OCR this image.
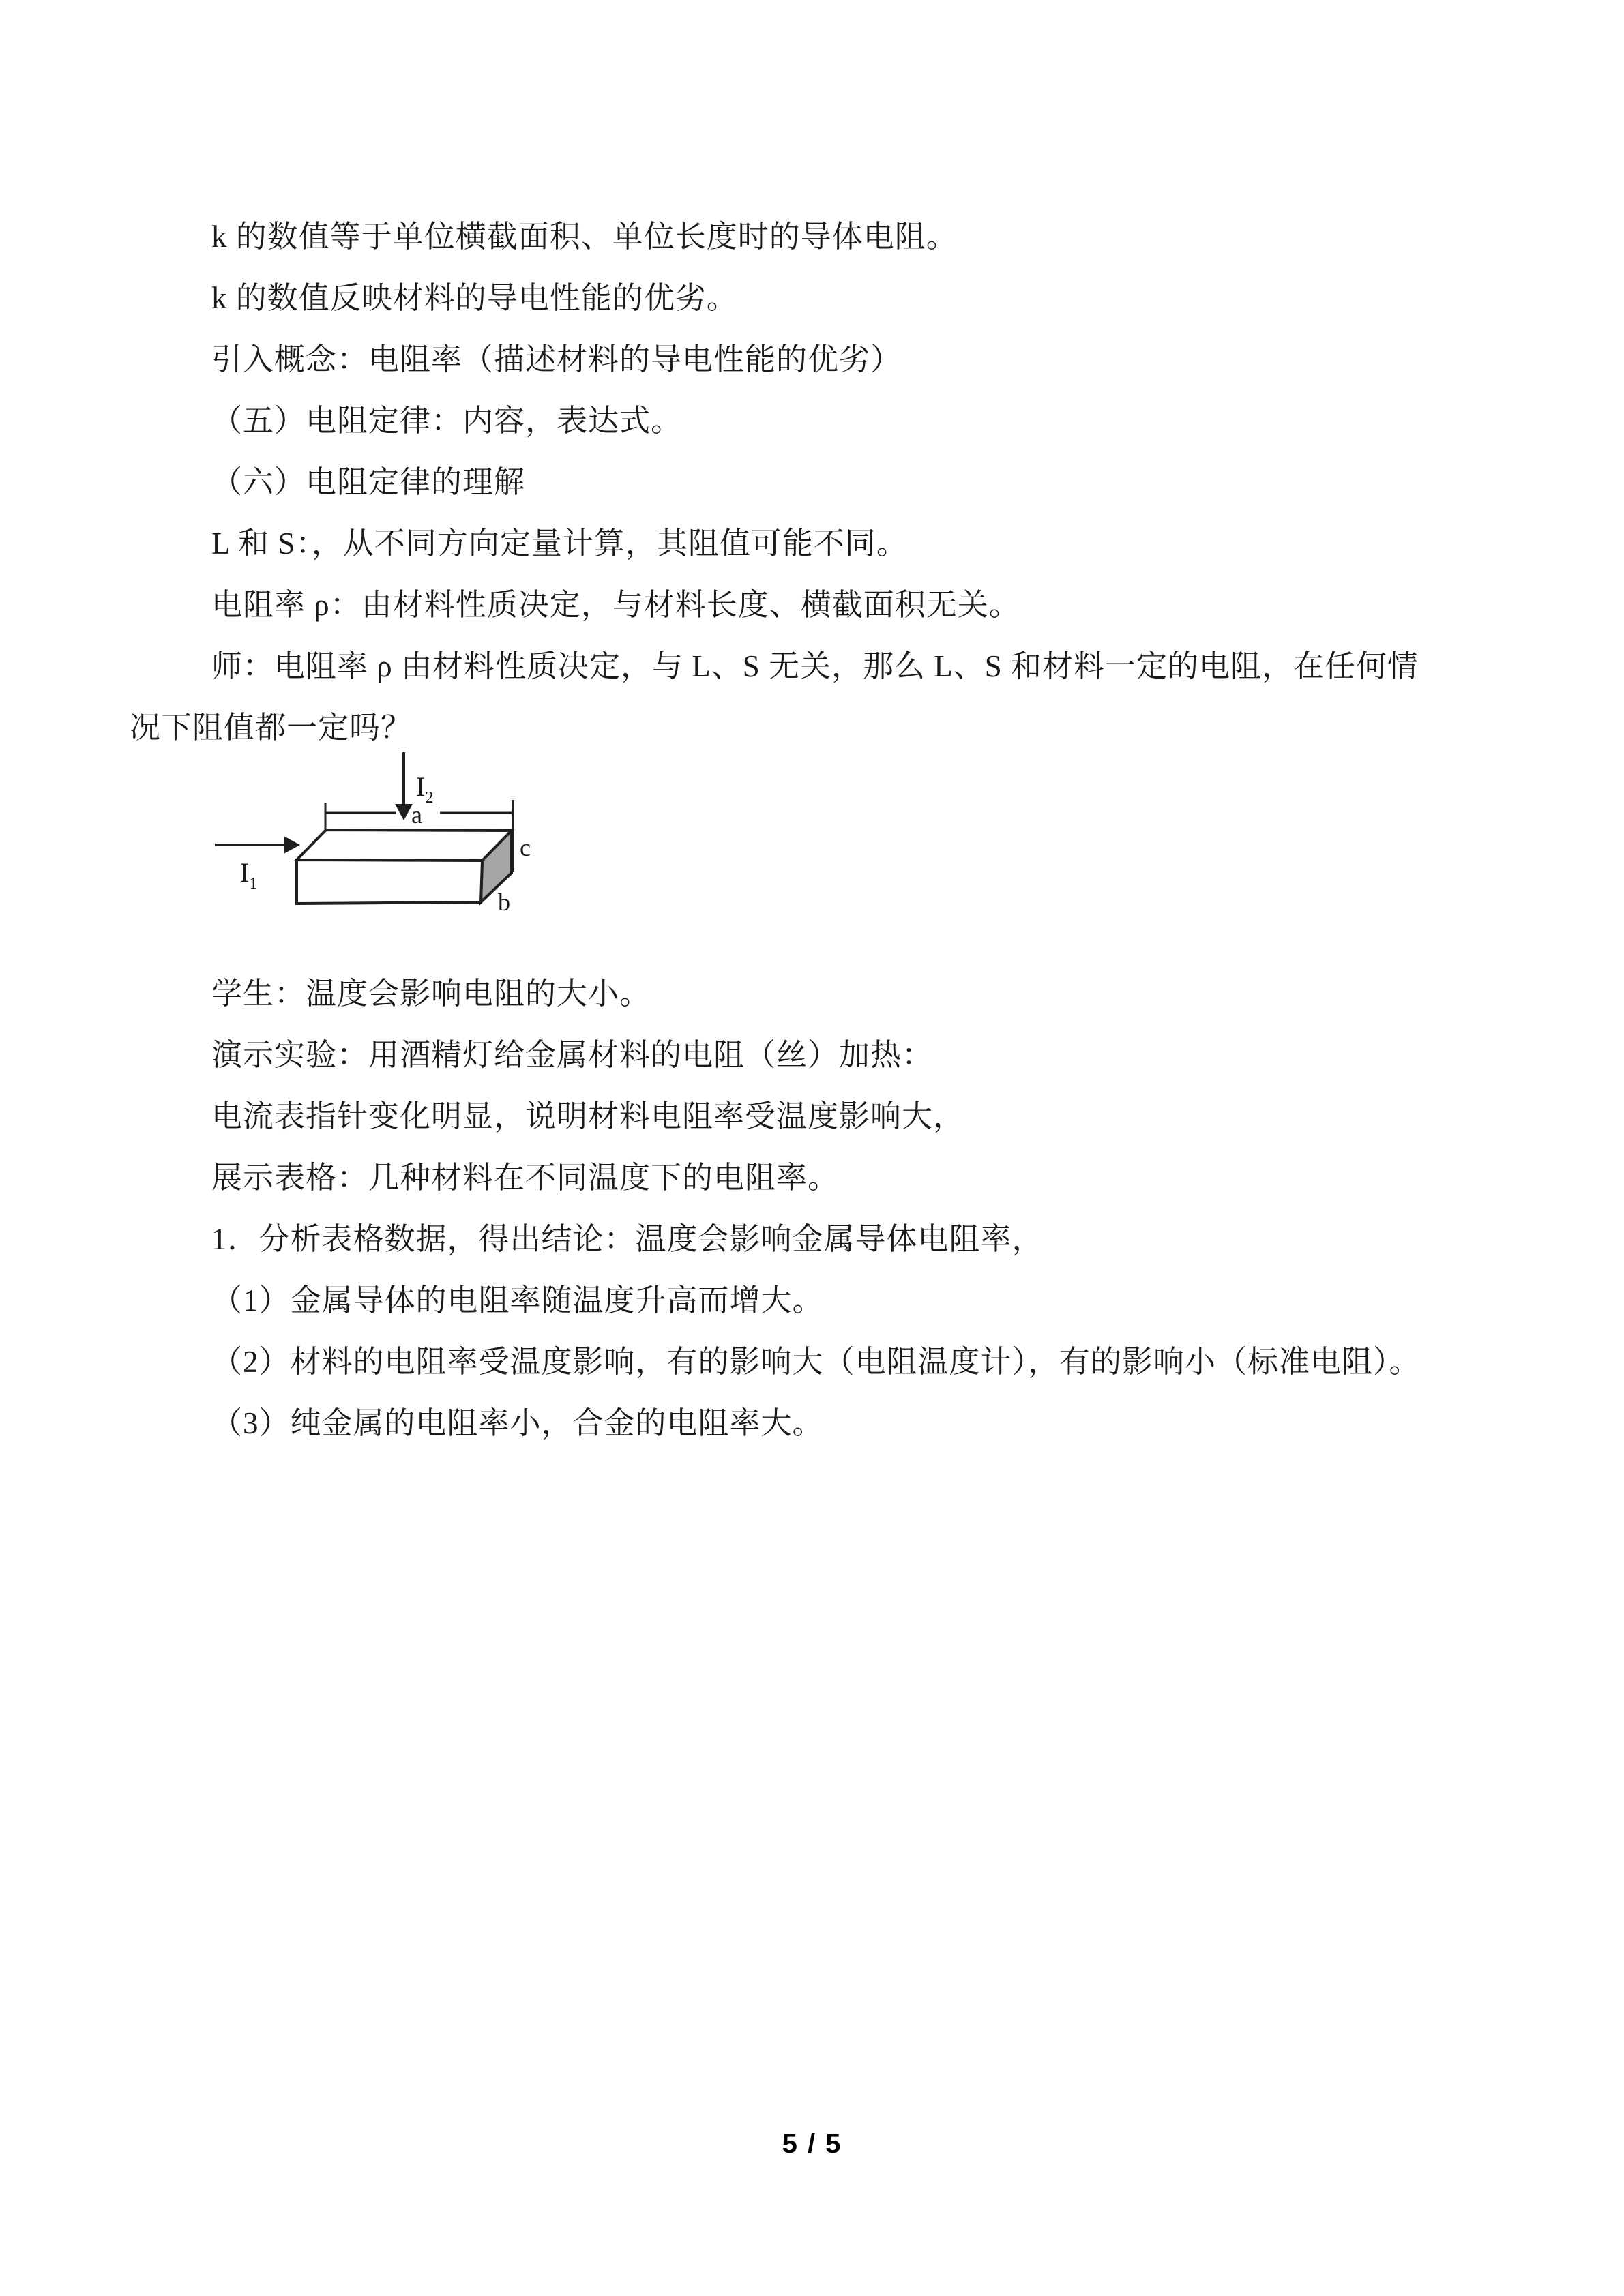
k 的数值等于单位横截面积、单位长度时的导体电阻。
k 的数值反映材料的导电性能的优劣。
引入概念：电阻率（描述材料的导电性能的优劣）
（五）电阻定律：内容，表达式。
（六）电阻定律的理解
L 和 S：，从不同方向定量计算，其阻值可能不同。
电阻率 ρ：由材料性质决定，与材料长度、横截面积无关。
师：电阻率 ρ 由材料性质决定，与 L、S 无关，那么 L、S 和材料一定的电阻，在任何情
况下阻值都一定吗？
学生：温度会影响电阻的大小。
演示实验：用酒精灯给金属材料的电阻（丝）加热：
电流表指针变化明显，说明材料电阻率受温度影响大，
展示表格：几种材料在不同温度下的电阻率。
1．分析表格数据，得出结论：温度会影响金属导体电阻率，
（1）金属导体的电阻率随温度升高而增大。
（2）材料的电阻率受温度影响，有的影响大（电阻温度计），有的影响小（标准电阻）。
（3）纯金属的电阻率小，合金的电阻率大。
$I_2$
$I_1$
a
c
b
5 / 5
